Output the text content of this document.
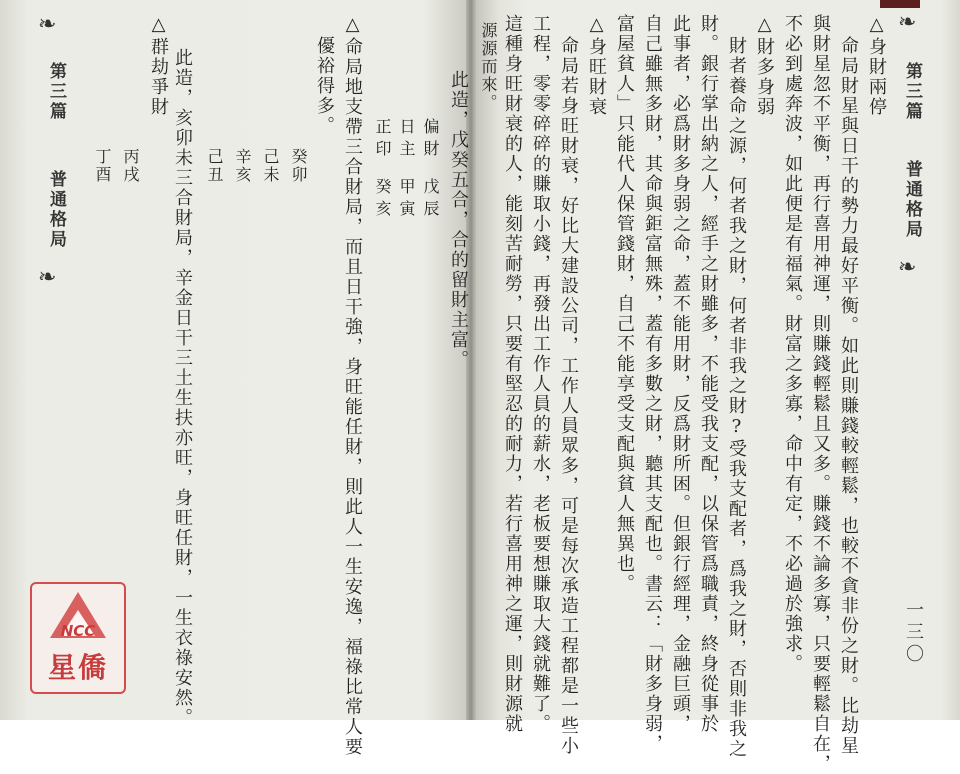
❧
第三篇
普通格局
❧
一三〇
△身財兩停
命局財星與日干的勢力最好平衡。如此則賺錢較輕鬆，也較不貪非份之財。比劫星
與財星忽不平衡，再行喜用神運，則賺錢輕鬆且又多。賺錢不論多寡，只要輕鬆自在，
不必到處奔波，如此便是有福氣。財富之多寡，命中有定，不必過於強求。
△財多身弱
財者養命之源，何者我之財，何者非我之財?受我支配者，爲我之財，否則非我之
財。銀行掌出納之人，經手之財雖多，不能受我支配，以保管爲職責，終身從事於
此事者，必爲財多身弱之命，蓋不能用財，反爲財所困。但銀行經理，金融巨頭，
自己雖無多財，其命與鉅富無殊，蓋有多數之財，聽其支配也。書云：「財多身弱，
富屋貧人」只能代人保管錢財，自己不能享受支配與貧人無異也。
△身旺財衰
命局若身旺財衰，好比大建設公司，工作人員眾多，可是每次承造工程都是一些小
工程，零零碎碎的賺取小錢，再發出工作人員的薪水，老板要想賺取大錢就難了。
這種身旺財衰的人，能刻苦耐勞，只要有堅忍的耐力，若行喜用神之運，則財源就
源源而來。
❧
第三篇
普通格局
❧
偏財
戊辰
日主
甲寅
正印
癸亥	此造，戊癸五合，合的留財主富。
△命局地支帶三合財局，而且日干強，身旺能任財，則此人一生安逸，福祿比常人要
優裕得多。
癸卯
己未
辛亥
己丑
△群劫爭財 此造，亥卯未三合財局，辛金日干三土生扶亦旺，身旺任財，一生衣祿安然。
丙戌
丁酉
NCC
星僑
